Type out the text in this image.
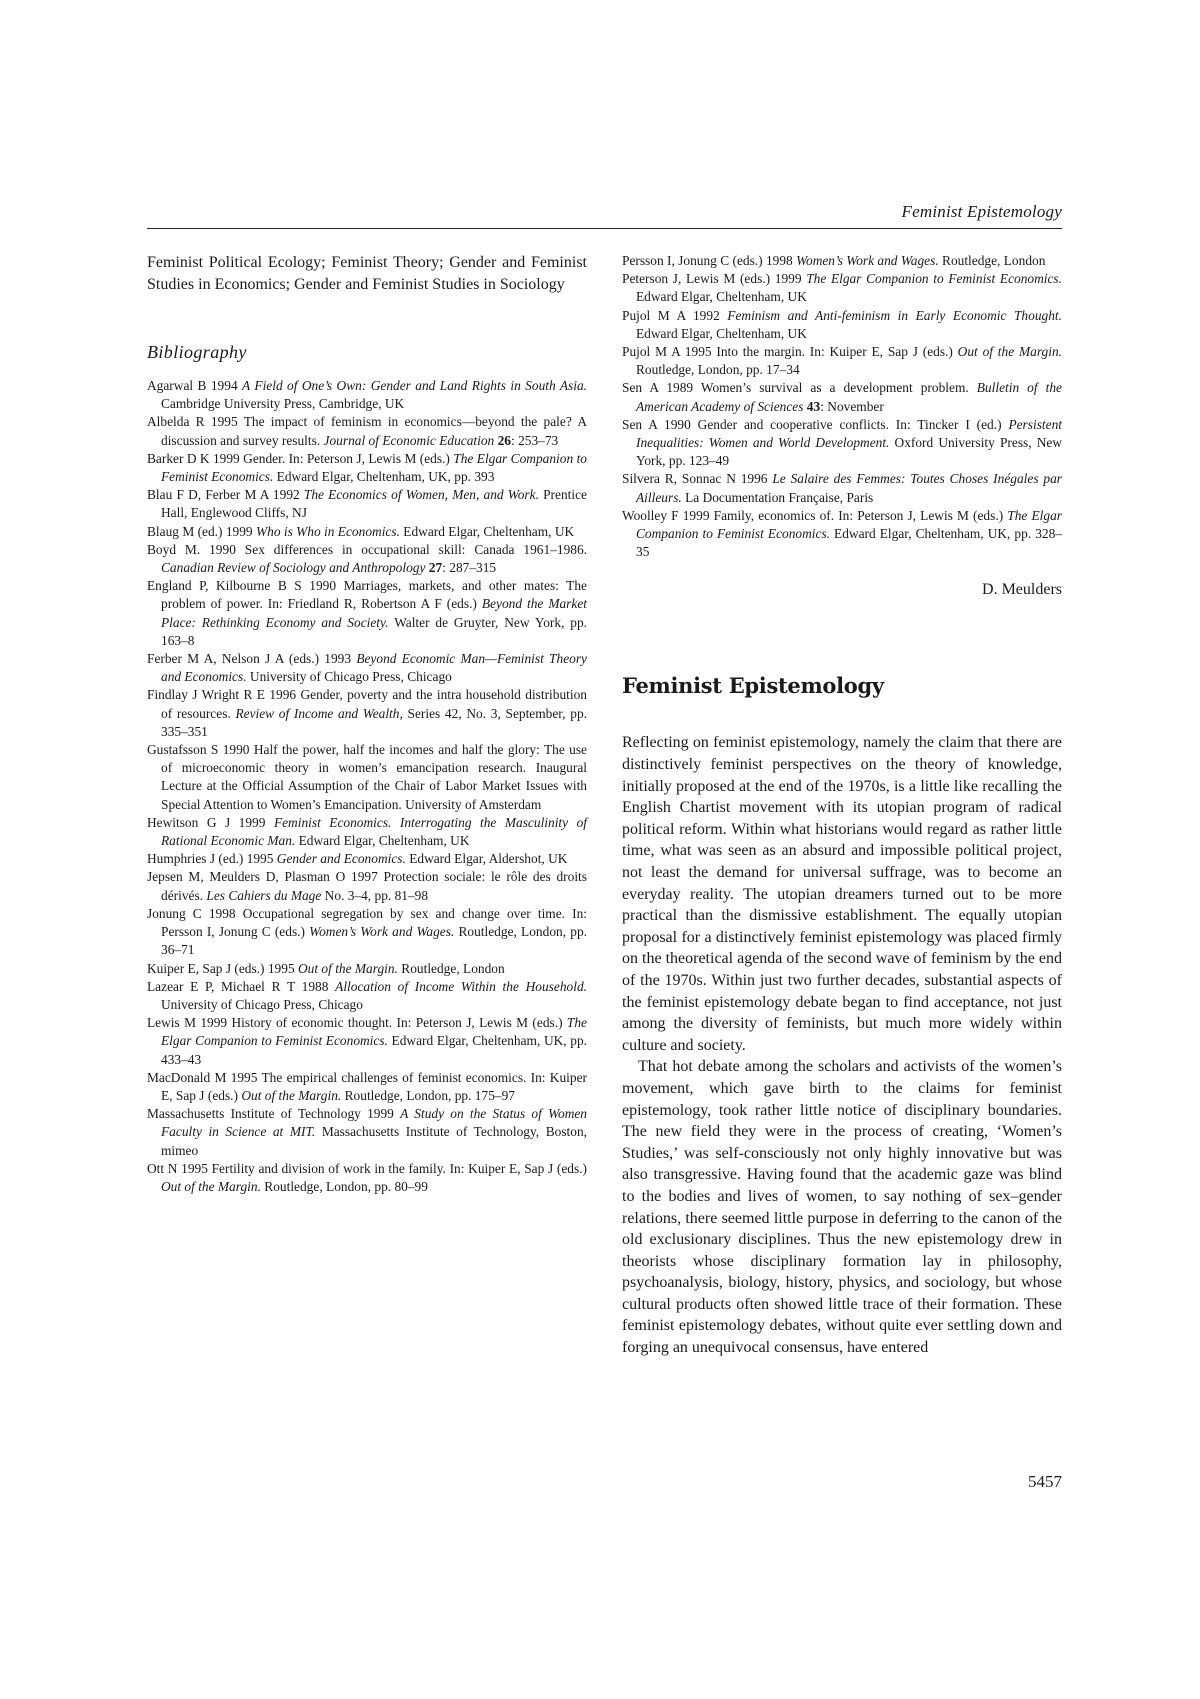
Feminist Epistemology

Feminist Political Ecology; Feminist Theory; Gender and Feminist Studies in Economics; Gender and Feminist Studies in Sociology

Bibliography
Agarwal B 1994 A Field of One’s Own: Gender and Land Rights in South Asia. Cambridge University Press, Cambridge, UK
Albelda R 1995 The impact of feminism in economics—beyond the pale? A discussion and survey results. Journal of Economic Education 26: 253–73
Barker D K 1999 Gender. In: Peterson J, Lewis M (eds.) The Elgar Companion to Feminist Economics. Edward Elgar, Cheltenham, UK, pp. 393
Blau F D, Ferber M A 1992 The Economics of Women, Men, and Work. Prentice Hall, Englewood Cliffs, NJ
Blaug M (ed.) 1999 Who is Who in Economics. Edward Elgar, Cheltenham, UK
Boyd M. 1990 Sex differences in occupational skill: Canada 1961–1986. Canadian Review of Sociology and Anthropology 27: 287–315
England P, Kilbourne B S 1990 Marriages, markets, and other mates: The problem of power. In: Friedland R, Robertson A F (eds.) Beyond the Market Place: Rethinking Economy and Society. Walter de Gruyter, New York, pp. 163–8
Ferber M A, Nelson J A (eds.) 1993 Beyond Economic Man—Feminist Theory and Economics. University of Chicago Press, Chicago
Findlay J Wright R E 1996 Gender, poverty and the intra household distribution of resources. Review of Income and Wealth, Series 42, No. 3, September, pp. 335–351
Gustafsson S 1990 Half the power, half the incomes and half the glory: The use of microeconomic theory in women’s emancipation research. Inaugural Lecture at the Official Assumption of the Chair of Labor Market Issues with Special Attention to Women’s Emancipation. University of Amsterdam
Hewitson G J 1999 Feminist Economics. Interrogating the Masculinity of Rational Economic Man. Edward Elgar, Cheltenham, UK
Humphries J (ed.) 1995 Gender and Economics. Edward Elgar, Aldershot, UK
Jepsen M, Meulders D, Plasman O 1997 Protection sociale: le rôle des droits dérivés. Les Cahiers du Mage No. 3–4, pp. 81–98
Jonung C 1998 Occupational segregation by sex and change over time. In: Persson I, Jonung C (eds.) Women’s Work and Wages. Routledge, London, pp. 36–71
Kuiper E, Sap J (eds.) 1995 Out of the Margin. Routledge, London
Lazear E P, Michael R T 1988 Allocation of Income Within the Household. University of Chicago Press, Chicago
Lewis M 1999 History of economic thought. In: Peterson J, Lewis M (eds.) The Elgar Companion to Feminist Economics. Edward Elgar, Cheltenham, UK, pp. 433–43
MacDonald M 1995 The empirical challenges of feminist economics. In: Kuiper E, Sap J (eds.) Out of the Margin. Routledge, London, pp. 175–97
Massachusetts Institute of Technology 1999 A Study on the Status of Women Faculty in Science at MIT. Massachusetts Institute of Technology, Boston, mimeo
Ott N 1995 Fertility and division of work in the family. In: Kuiper E, Sap J (eds.) Out of the Margin. Routledge, London, pp. 80–99
Persson I, Jonung C (eds.) 1998 Women’s Work and Wages. Routledge, London
Peterson J, Lewis M (eds.) 1999 The Elgar Companion to Feminist Economics. Edward Elgar, Cheltenham, UK
Pujol M A 1992 Feminism and Anti-feminism in Early Economic Thought. Edward Elgar, Cheltenham, UK
Pujol M A 1995 Into the margin. In: Kuiper E, Sap J (eds.) Out of the Margin. Routledge, London, pp. 17–34
Sen A 1989 Women’s survival as a development problem. Bulletin of the American Academy of Sciences 43: November
Sen A 1990 Gender and cooperative conflicts. In: Tincker I (ed.) Persistent Inequalities: Women and World Development. Oxford University Press, New York, pp. 123–49
Silvera R, Sonnac N 1996 Le Salaire des Femmes: Toutes Choses Inégales par Ailleurs. La Documentation Française, Paris
Woolley F 1999 Family, economics of. In: Peterson J, Lewis M (eds.) The Elgar Companion to Feminist Economics. Edward Elgar, Cheltenham, UK, pp. 328–35

D. Meulders

Feminist Epistemology

Reflecting on feminist epistemology, namely the claim that there are distinctively feminist perspectives on the theory of knowledge, initially proposed at the end of the 1970s, is a little like recalling the English Chartist movement with its utopian program of radical political reform. Within what historians would regard as rather little time, what was seen as an absurd and impossible political project, not least the demand for universal suffrage, was to become an everyday reality. The utopian dreamers turned out to be more practical than the dismissive establishment. The equally utopian proposal for a distinctively feminist epistemology was placed firmly on the theoretical agenda of the second wave of feminism by the end of the 1970s. Within just two further decades, substantial aspects of the feminist epistemology debate began to find acceptance, not just among the diversity of feminists, but much more widely within culture and society.

That hot debate among the scholars and activists of the women’s movement, which gave birth to the claims for feminist epistemology, took rather little notice of disciplinary boundaries. The new field they were in the process of creating, ‘Women’s Studies,’ was self-consciously not only highly innovative but was also transgressive. Having found that the academic gaze was blind to the bodies and lives of women, to say nothing of sex–gender relations, there seemed little purpose in deferring to the canon of the old exclusionary disciplines. Thus the new epistemology drew in theorists whose disciplinary formation lay in philosophy, psychoanalysis, biology, history, physics, and sociology, but whose cultural products often showed little trace of their formation. These feminist epistemology debates, without quite ever settling down and forging an unequivocal consensus, have entered

5457
